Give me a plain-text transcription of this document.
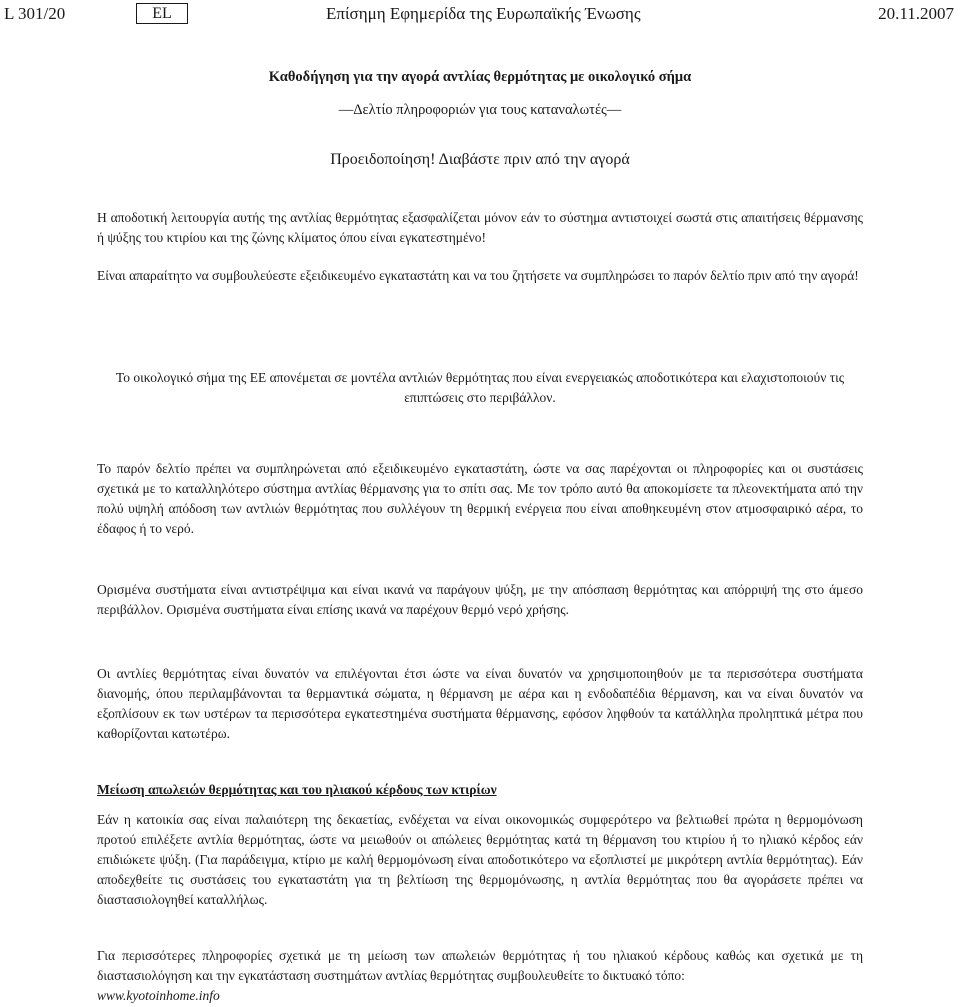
L 301/20	EL	Επίσημη Εφημερίδα της Ευρωπαϊκής Ένωσης	20.11.2007
Καθοδήγηση για την αγορά αντλίας θερμότητας με οικολογικό σήμα
—Δελτίο πληροφοριών για τους καταναλωτές—
Προειδοποίηση! Διαβάστε πριν από την αγορά
Η αποδοτική λειτουργία αυτής της αντλίας θερμότητας εξασφαλίζεται μόνον εάν το σύστημα αντιστοιχεί σωστά στις απαιτήσεις θέρμανσης ή ψύξης του κτιρίου και της ζώνης κλίματος όπου είναι εγκατεστημένο!
Είναι απαραίτητο να συμβουλεύεστε εξειδικευμένο εγκαταστάτη και να του ζητήσετε να συμπληρώσει το παρόν δελτίο πριν από την αγορά!
Το οικολογικό σήμα της ΕΕ απονέμεται σε μοντέλα αντλιών θερμότητας που είναι ενεργειακώς αποδοτικότερα και ελαχιστοποιούν τις επιπτώσεις στο περιβάλλον.
Το παρόν δελτίο πρέπει να συμπληρώνεται από εξειδικευμένο εγκαταστάτη, ώστε να σας παρέχονται οι πληροφορίες και οι συστάσεις σχετικά με το καταλληλότερο σύστημα αντλίας θέρμανσης για το σπίτι σας. Με τον τρόπο αυτό θα αποκομίσετε τα πλεονεκτήματα από την πολύ υψηλή απόδοση των αντλιών θερμότητας που συλλέγουν τη θερμική ενέργεια που είναι αποθηκευμένη στον ατμοσφαιρικό αέρα, το έδαφος ή το νερό.
Ορισμένα συστήματα είναι αντιστρέψιμα και είναι ικανά να παράγουν ψύξη, με την απόσπαση θερμότητας και απόρριψή της στο άμεσο περιβάλλον. Ορισμένα συστήματα είναι επίσης ικανά να παρέχουν θερμό νερό χρήσης.
Οι αντλίες θερμότητας είναι δυνατόν να επιλέγονται έτσι ώστε να είναι δυνατόν να χρησιμοποιηθούν με τα περισσότερα συστήματα διανομής, όπου περιλαμβάνονται τα θερμαντικά σώματα, η θέρμανση με αέρα και η ενδοδαπέδια θέρμανση, και να είναι δυνατόν να εξοπλίσουν εκ των υστέρων τα περισσότερα εγκατεστημένα συστήματα θέρμανσης, εφόσον ληφθούν τα κατάλληλα προληπτικά μέτρα που καθορίζονται κατωτέρω.
Μείωση απωλειών θερμότητας και του ηλιακού κέρδους των κτιρίων
Εάν η κατοικία σας είναι παλαιότερη της δεκαετίας, ενδέχεται να είναι οικονομικώς συμφερότερο να βελτιωθεί πρώτα η θερμομόνωση προτού επιλέξετε αντλία θερμότητας, ώστε να μειωθούν οι απώλειες θερμότητας κατά τη θέρμανση του κτιρίου ή το ηλιακό κέρδος εάν επιδιώκετε ψύξη. (Για παράδειγμα, κτίριο με καλή θερμομόνωση είναι αποδοτικότερο να εξοπλιστεί με μικρότερη αντλία θερμότητας). Εάν αποδεχθείτε τις συστάσεις του εγκαταστάτη για τη βελτίωση της θερμομόνωσης, η αντλία θερμότητας που θα αγοράσετε πρέπει να διαστασιολογηθεί καταλλήλως.
Για περισσότερες πληροφορίες σχετικά με τη μείωση των απωλειών θερμότητας ή του ηλιακού κέρδους καθώς και σχετικά με τη διαστασιολόγηση και την εγκατάσταση συστημάτων αντλίας θερμότητας συμβουλευθείτε το δικτυακό τόπο:
www.kyotoinhome.info
